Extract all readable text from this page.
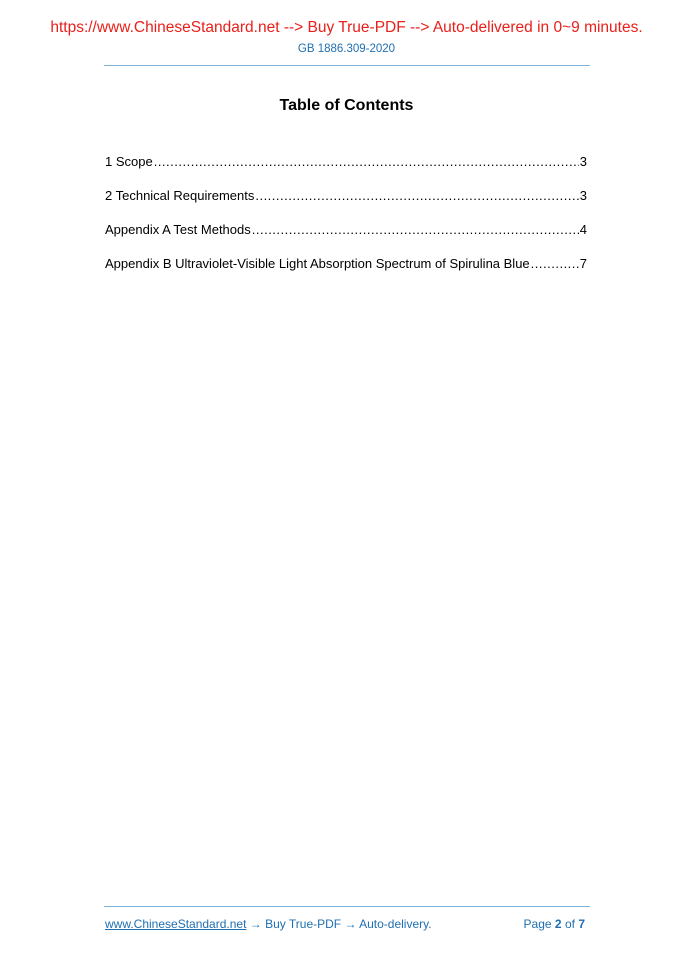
https://www.ChineseStandard.net --> Buy True-PDF --> Auto-delivered in 0~9 minutes.
GB 1886.309-2020
Table of Contents
1 Scope .....	3
2 Technical Requirements .....	3
Appendix A Test Methods .....	4
Appendix B Ultraviolet-Visible Light Absorption Spectrum of Spirulina Blue .....	7
www.ChineseStandard.net → Buy True-PDF → Auto-delivery.	Page 2 of 7
